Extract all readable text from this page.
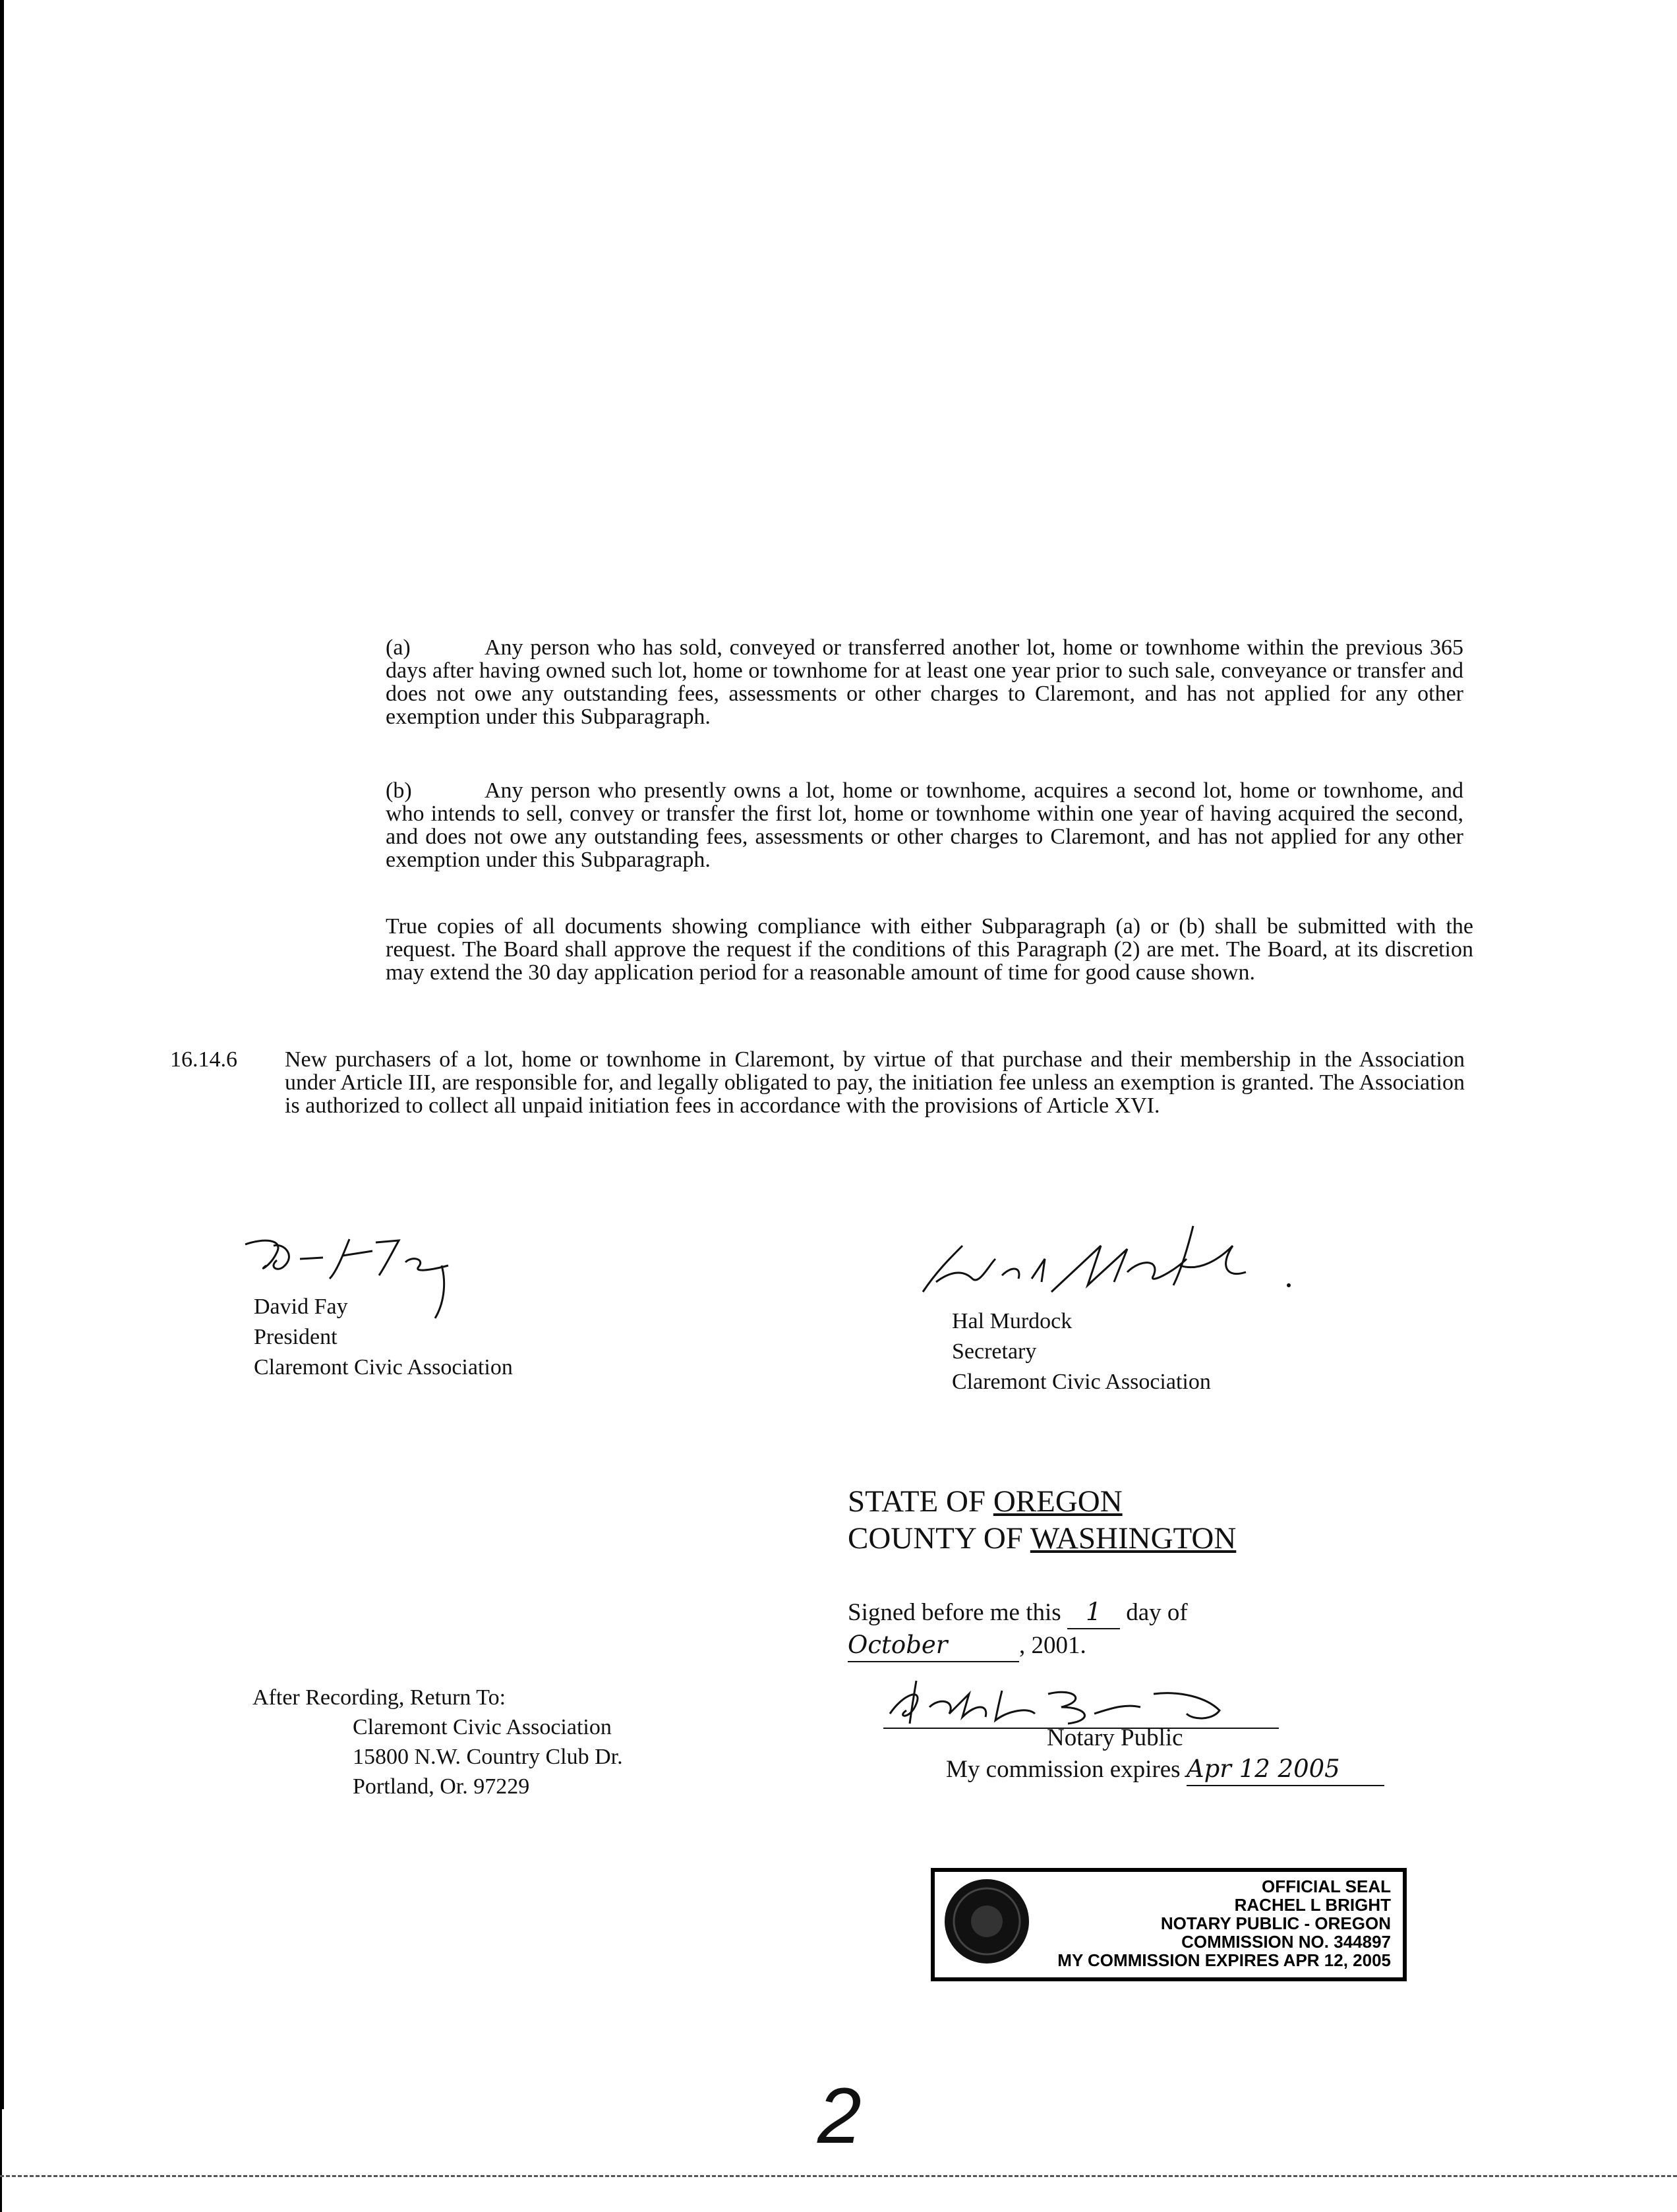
(a)	Any person who has sold, conveyed or transferred another lot, home or townhome within the previous 365 days after having owned such lot, home or townhome for at least one year prior to such sale, conveyance or transfer and does not owe any outstanding fees, assessments or other charges to Claremont, and has not applied for any other exemption under this Subparagraph.
(b)	Any person who presently owns a lot, home or townhome, acquires a second lot, home or townhome, and who intends to sell, convey or transfer the first lot, home or townhome within one year of having acquired the second, and does not owe any outstanding fees, assessments or other charges to Claremont, and has not applied for any other exemption under this Subparagraph.
True copies of all documents showing compliance with either Subparagraph (a) or (b) shall be submitted with the request. The Board shall approve the request if the conditions of this Paragraph (2) are met. The Board, at its discretion may extend the 30 day application period for a reasonable amount of time for good cause shown.
16.14.6	New purchasers of a lot, home or townhome in Claremont, by virtue of that purchase and their membership in the Association under Article III, are responsible for, and legally obligated to pay, the initiation fee unless an exemption is granted. The Association is authorized to collect all unpaid initiation fees in accordance with the provisions of Article XVI.
David Fay
President
Claremont Civic Association
Hal Murdock
Secretary
Claremont Civic Association
STATE OF OREGON
COUNTY OF WASHINGTON
Signed before me this 1 day of
October	, 2001.
Notary Public
My commission expires Apr 12 2005
After Recording, Return To:
Claremont Civic Association
15800 N.W. Country Club Dr.
Portland, Or. 97229
OFFICIAL SEAL
RACHEL L BRIGHT
NOTARY PUBLIC - OREGON
COMMISSION NO. 344897
MY COMMISSION EXPIRES APR 12, 2005
2
